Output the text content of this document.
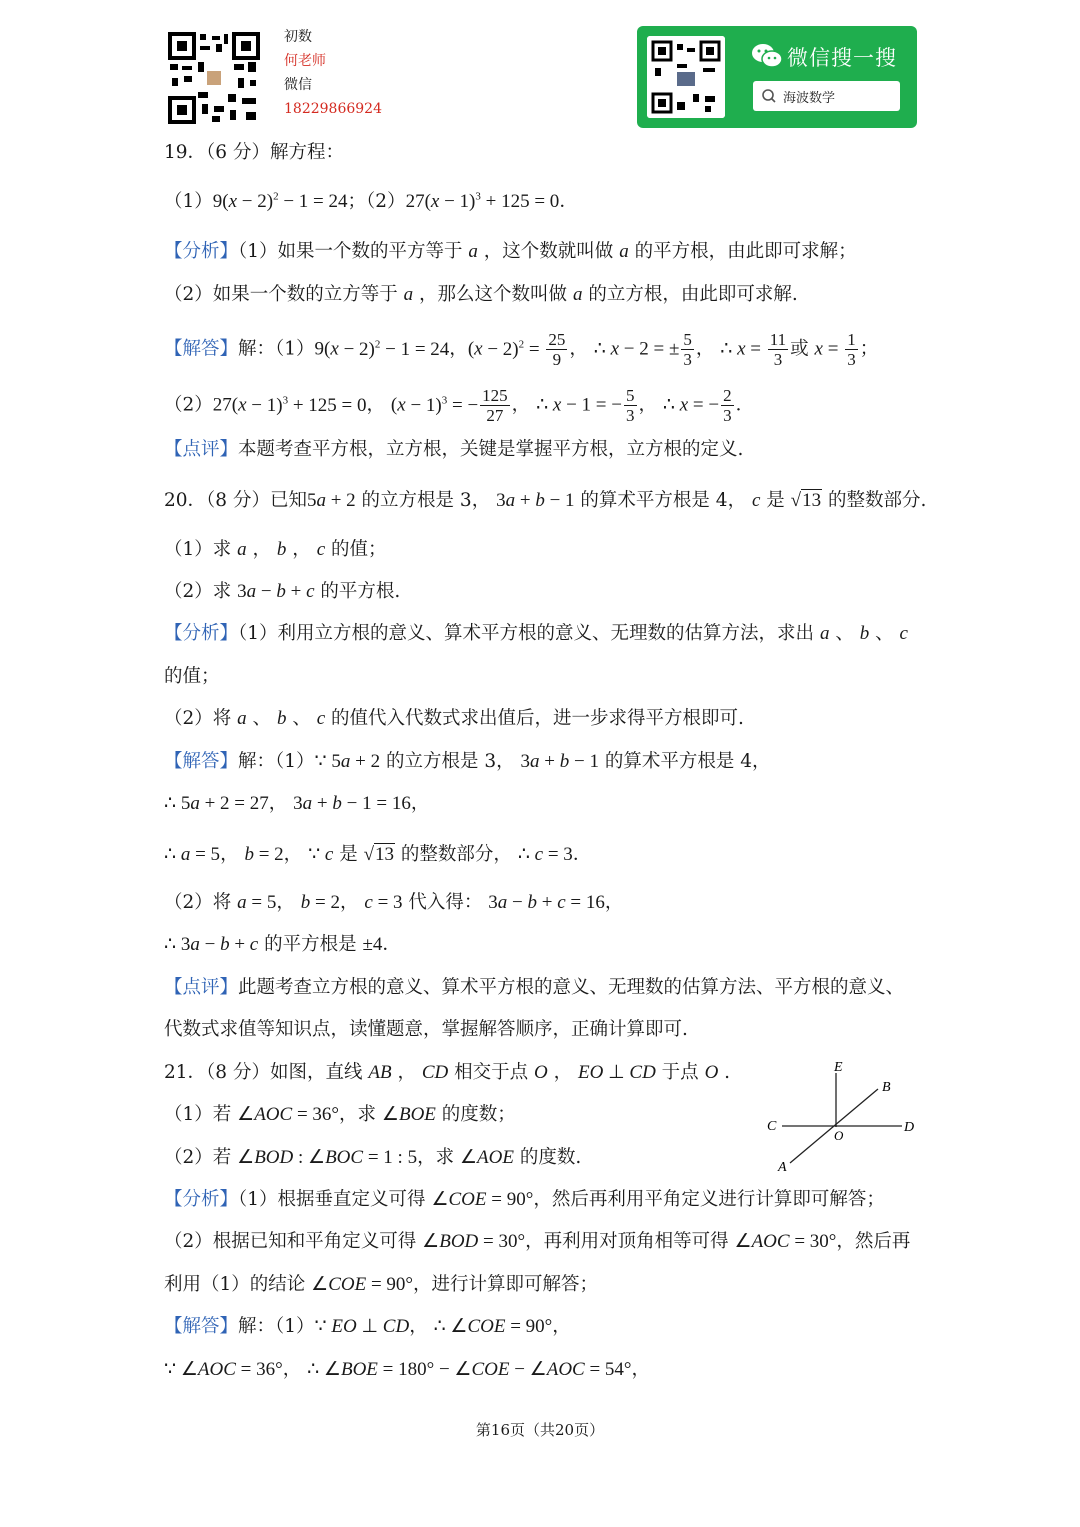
初数
何老师
微信
18229866924
微信搜一搜
海波数学
19．（6 分）解方程：
$(1)9(x - 2)^2 - 1 = 24$；$(2)27(x - 1)^3 + 125 = 0$．
【分析】（1）如果一个数的平方等于 a ，这个数就叫做 a 的平方根，由此即可求解；
（2）如果一个数的立方等于 a ，那么这个数叫做 a 的立方根，由此即可求解.
【解答】解：$(1)9(x - 2)^2 - 1 = 24$，$(x - 2)^2 = \frac{25}{9}$ ， ∴ x − 2 = ± $\frac{5}{3}$ ， ∴ $x = \frac{11}{3}$ 或 $x = \frac{1}{3}$ ；
$(2)27(x - 1)^3 + 125 = 0$， $(x - 1)^3$ = − $\frac{125}{27}$ ， ∴ x − 1 = − $\frac{5}{3}$ ， ∴ x = − $\frac{2}{3}$ ．
【点评】本题考查平方根，立方根，关键是掌握平方根，立方根的定义.
20．（8 分）已知5a + 2 的立方根是 3， 3a + b − 1 的算术平方根是 4， c 是 √13 的整数部分.
（1）求 a ， b ， c 的值；
（2）求 3a − b + c 的平方根.
【分析】（1）利用立方根的意义、算术平方根的意义、无理数的估算方法，求出 a 、 b 、 c
的值；
（2）将 a 、 b 、 c 的值代入代数式求出值后，进一步求得平方根即可.
【解答】解：（1）∵ 5a + 2 的立方根是 3， 3a + b − 1 的算术平方根是 4，
∴ 5a + 2 = 27， 3a + b − 1 = 16，
∴ a = 5， b = 2， ∵ c 是 √13 的整数部分， ∴ c = 3．
（2）将 a = 5， b = 2， c = 3 代入得： 3a − b + c = 16，
∴ 3a − b + c 的平方根是 ±4．
【点评】此题考查立方根的意义、算术平方根的意义、无理数的估算方法、平方根的意义、
代数式求值等知识点，读懂题意，掌握解答顺序，正确计算即可.
21．（8 分）如图，直线 AB ， CD 相交于点 O ， EO ⊥ CD 于点 O .
（1）若 ∠AOC = 36°，求 ∠BOE 的度数；
（2）若 ∠BOD : ∠BOC = 1 : 5，求 ∠AOE 的度数.
E
B
C
O
D
A
【分析】（1）根据垂直定义可得 ∠COE = 90°，然后再利用平角定义进行计算即可解答；
（2）根据已知和平角定义可得 ∠BOD = 30°，再利用对顶角相等可得 ∠AOC = 30°，然后再
利用（1）的结论 ∠COE = 90°，进行计算即可解答；
【解答】解：（1）∵ EO ⊥ CD， ∴ ∠COE = 90°，
∵ ∠AOC = 36°， ∴ ∠BOE = 180° − ∠COE − ∠AOC = 54°，
第16页（共20页）
